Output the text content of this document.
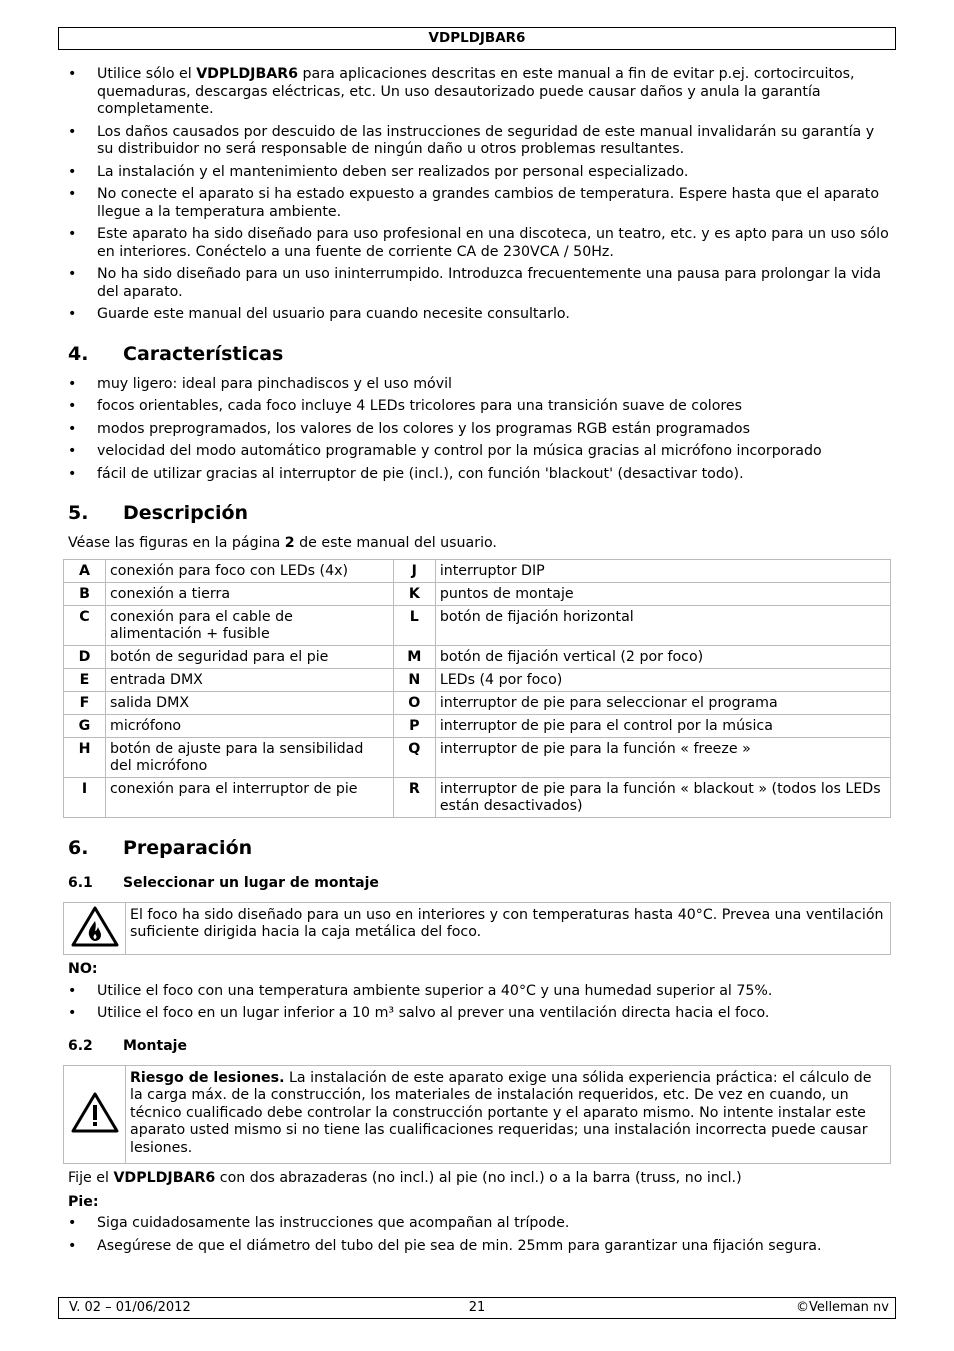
VDPLDJBAR6
• Utilice sólo el VDPLDJBAR6 para aplicaciones descritas en este manual a fin de evitar p.ej. cortocircuitos, quemaduras, descargas eléctricas, etc. Un uso desautorizado puede causar daños y anula la garantía completamente.
• Los daños causados por descuido de las instrucciones de seguridad de este manual invalidarán su garantía y su distribuidor no será responsable de ningún daño u otros problemas resultantes.
• La instalación y el mantenimiento deben ser realizados por personal especializado.
• No conecte el aparato si ha estado expuesto a grandes cambios de temperatura. Espere hasta que el aparato llegue a la temperatura ambiente.
• Este aparato ha sido diseñado para uso profesional en una discoteca, un teatro, etc. y es apto para un uso sólo en interiores. Conéctelo a una fuente de corriente CA de 230VCA / 50Hz.
• No ha sido diseñado para un uso ininterrumpido. Introduzca frecuentemente una pausa para prolongar la vida del aparato.
• Guarde este manual del usuario para cuando necesite consultarlo.
4. Características
• muy ligero: ideal para pinchadiscos y el uso móvil
• focos orientables, cada foco incluye 4 LEDs tricolores para una transición suave de colores
• modos preprogramados, los valores de los colores y los programas RGB están programados
• velocidad del modo automático programable y control por la música gracias al micrófono incorporado
• fácil de utilizar gracias al interruptor de pie (incl.), con función 'blackout' (desactivar todo).
5. Descripción

Véase las figuras en la página 2 de este manual del usuario.

A	conexión para foco con LEDs (4x)	J	interruptor DIP
B	conexión a tierra	K	puntos de montaje
C	conexión para el cable de alimentación + fusible	L	botón de fijación horizontal
D	botón de seguridad para el pie	M	botón de fijación vertical (2 por foco)
E	entrada DMX	N	LEDs (4 por foco)
F	salida DMX	O	interruptor de pie para seleccionar el programa
G	micrófono	P	interruptor de pie para el control por la música
H	botón de ajuste para la sensibilidad del micrófono	Q	interruptor de pie para la función « freeze »
I	conexión para el interruptor de pie	R	interruptor de pie para la función « blackout » (todos los LEDs están desactivados)
6. Preparación
6.1 Seleccionar un lugar de montaje
	El foco ha sido diseñado para un uso en interiores y con temperaturas hasta 40°C. Prevea una ventilación suficiente dirigida hacia la caja metálica del foco.
NO:
• Utilice el foco con una temperatura ambiente superior a 40°C y una humedad superior al 75%.
• Utilice el foco en un lugar inferior a 10 m³ salvo al prever una ventilación directa hacia el foco.
6.2 Montaje
	Riesgo de lesiones. La instalación de este aparato exige una sólida experiencia práctica: el cálculo de la carga máx. de la construcción, los materiales de instalación requeridos, etc. De vez en cuando, un técnico cualificado debe controlar la construcción portante y el aparato mismo. No intente instalar este aparato usted mismo si no tiene las cualificaciones requeridas; una instalación incorrecta puede causar lesiones.

Fije el VDPLDJBAR6 con dos abrazaderas (no incl.) al pie (no incl.) o a la barra (truss, no incl.)

Pie:
• Siga cuidadosamente las instrucciones que acompañan al trípode.
• Asegúrese de que el diámetro del tubo del pie sea de min. 25mm para garantizar una fijación segura.
21
V. 02 – 01/06/2012	©Velleman nv
